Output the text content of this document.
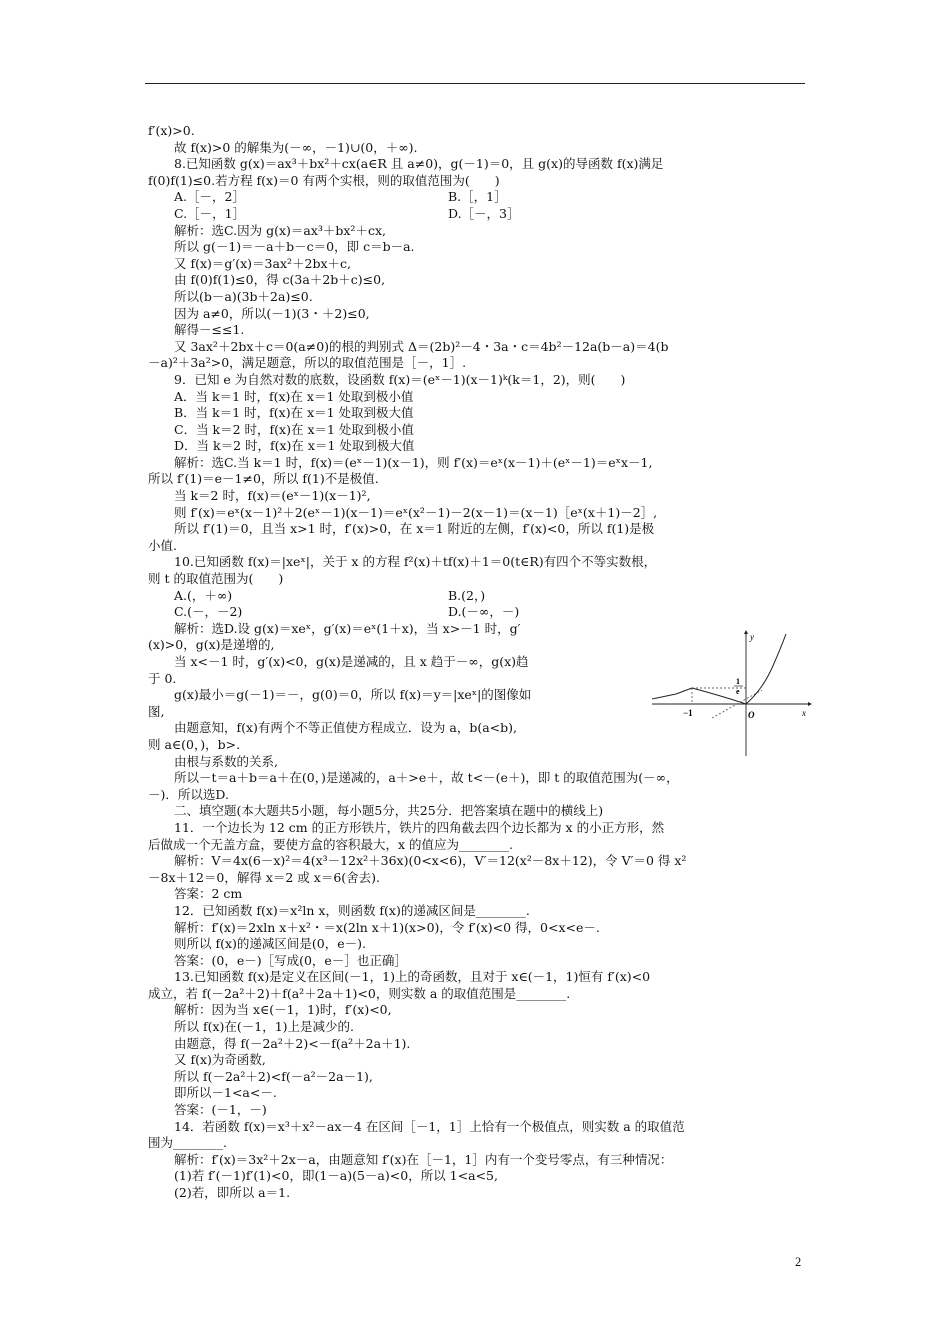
f′(x)>0.
故 f(x)>0 的解集为(－∞，－1)∪(0，＋∞).
8.已知函数 g(x)＝ax³＋bx²＋cx(a∈R 且 a≠0)，g(－1)＝0，且 g(x)的导函数 f(x)满足
f(0)f(1)≤0.若方程 f(x)＝0 有两个实根，则的取值范围为(　　)
A.［－，2］	B.［，1］
C.［－，1］	D.［－，3］
解析：选C.因为 g(x)＝ax³＋bx²＋cx,
所以 g(－1)＝－a＋b－c＝0，即 c＝b－a.
又 f(x)＝g′(x)＝3ax²＋2bx＋c,
由 f(0)f(1)≤0，得 c(3a＋2b＋c)≤0,
所以(b－a)(3b＋2a)≤0.
因为 a≠0，所以(－1)(3・＋2)≤0,
解得－≤≤1.
又 3ax²＋2bx＋c＝0(a≠0)的根的判别式 Δ＝(2b)²－4・3a・c＝4b²－12a(b－a)＝4(b
－a)²＋3a²>0，满足题意，所以的取值范围是［－，1］.
9．已知 e 为自然对数的底数，设函数 f(x)＝(eˣ－1)(x－1)ᵏ(k＝1，2)，则(　　)
A．当 k＝1 时，f(x)在 x＝1 处取到极小值
B．当 k＝1 时，f(x)在 x＝1 处取到极大值
C．当 k＝2 时，f(x)在 x＝1 处取到极小值
D．当 k＝2 时，f(x)在 x＝1 处取到极大值
解析：选C.当 k＝1 时，f(x)＝(eˣ－1)(x－1)，则 f′(x)＝eˣ(x－1)＋(eˣ－1)＝eˣx－1,
所以 f′(1)＝e－1≠0，所以 f(1)不是极值.
当 k＝2 时，f(x)＝(eˣ－1)(x－1)²,
则 f′(x)＝eˣ(x－1)²＋2(eˣ－1)(x－1)＝eˣ(x²－1)－2(x－1)＝(x－1)［eˣ(x＋1)－2］,
所以 f′(1)＝0，且当 x>1 时，f′(x)>0，在 x＝1 附近的左侧，f′(x)<0，所以 f(1)是极
小值.
10.已知函数 f(x)＝|xeˣ|，关于 x 的方程 f²(x)＋tf(x)＋1＝0(t∈R)有四个不等实数根，
则 t 的取值范围为(　　)
A.(，＋∞)	B.(2，)
C.(－，－2)	D.(－∞，－)
解析：选D.设 g(x)＝xeˣ，g′(x)＝eˣ(1＋x)，当 x>－1 时，g′
(x)>0，g(x)是递增的,
当 x<－1 时，g′(x)<0，g(x)是递减的，且 x 趋于－∞，g(x)趋
于 0.
g(x)最小＝g(－1)＝－，g(0)＝0，所以 f(x)＝y＝|xeˣ|的图像如
图,
由题意知，f(x)有两个不等正值使方程成立．设为 a，b(a<b),
则 a∈(0，)，b>.
由根与系数的关系,
所以－t＝a＋b＝a＋在(0，)是递减的，a＋>e＋，故 t<－(e＋)，即 t 的取值范围为(－∞，
－)．所以选D.
二、填空题(本大题共5小题，每小题5分，共25分．把答案填在题中的横线上)
11．一个边长为 12 cm 的正方形铁片，铁片的四角截去四个边长都为 x 的小正方形，然
后做成一个无盖方盒，要使方盒的容积最大，x 的值应为________.
解析：V＝4x(6－x)²＝4(x³－12x²＋36x)(0<x<6)，V′＝12(x²－8x＋12)，令 V′＝0 得 x²
－8x＋12＝0，解得 x＝2 或 x＝6(舍去).
答案：2 cm
12．已知函数 f(x)＝x²ln x，则函数 f(x)的递减区间是________.
解析：f′(x)＝2xln x＋x²・＝x(2ln x＋1)(x>0)，令 f′(x)<0 得，0<x<e－.
则所以 f(x)的递减区间是(0，e－).
答案：(0，e－)［写成(0，e－］也正确］
13.已知函数 f(x)是定义在区间(－1，1)上的奇函数，且对于 x∈(－1，1)恒有 f′(x)<0
成立，若 f(－2a²＋2)＋f(a²＋2a＋1)<0，则实数 a 的取值范围是________.
解析：因为当 x∈(－1，1)时，f′(x)<0,
所以 f(x)在(－1，1)上是减少的.
由题意，得 f(－2a²＋2)<－f(a²＋2a＋1).
又 f(x)为奇函数,
所以 f(－2a²＋2)<f(－a²－2a－1),
即所以－1<a<－.
答案：(－1，－)
14．若函数 f(x)＝x³＋x²－ax－4 在区间［－1，1］上恰有一个极值点，则实数 a 的取值范
围为________.
解析：f′(x)＝3x²＋2x－a，由题意知 f′(x)在［－1，1］内有一个变号零点，有三种情况：
(1)若 f′(－1)f′(1)<0，即(1－a)(5－a)<0，所以 1<a<5,
(2)若，即所以 a＝1.
y
x
O
−1
1
e
2
